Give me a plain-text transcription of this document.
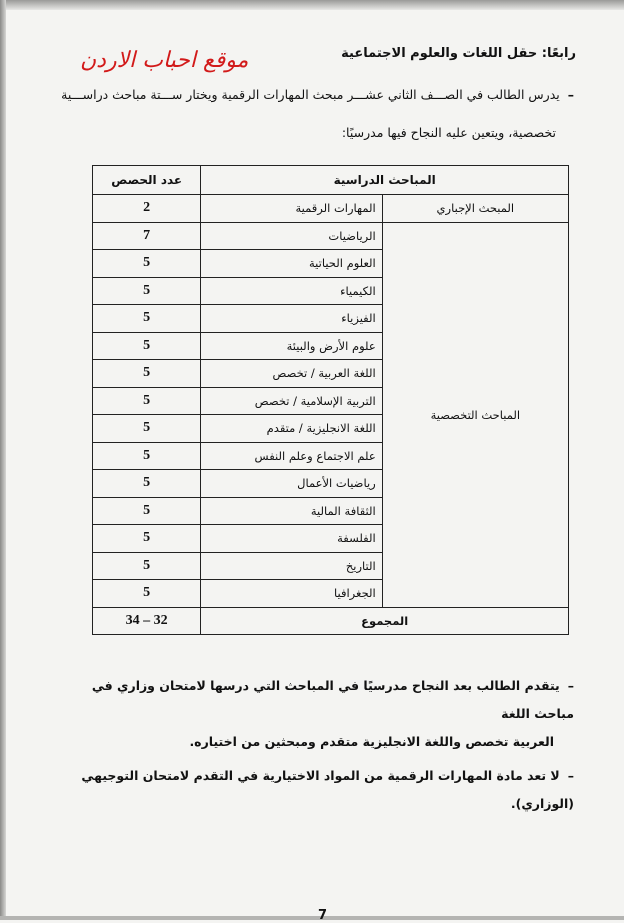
موقع احباب الاردن	رابعًا: حقل اللغات والعلوم الاجتماعية
–يدرس الطالب في الصـــف الثاني عشـــر مبحث المهارات الرقمية ويختار ســـتة مباحث دراســـية
تخصصية، ويتعين عليه النجاح فيها مدرسيًا:
المباحث الدراسية		عدد الحصص
المبحث الإجباري	المهارات الرقمية	2
المباحث التخصصية	الرياضيات	7
	العلوم الحياتية	5
	الكيمياء	5
	الفيزياء	5
	علوم الأرض والبيئة	5
	اللغة العربية / تخصص	5
	التربية الإسلامية / تخصص	5
	اللغة الانجليزية / متقدم	5
	علم الاجتماع وعلم النفس	5
	رياضيات الأعمال	5
	الثقافة المالية	5
	الفلسفة	5
	التاريخ	5
	الجغرافيا	5
المجموع		32 – 34

–يتقدم الطالب بعد النجاح مدرسيًا في المباحث التي درسها لامتحان وزاري في مباحث اللغة

العربية تخصص واللغة الانجليزية متقدم ومبحثين من اختياره.

–لا تعد مادة المهارات الرقمية من المواد الاختيارية في التقدم لامتحان التوجيهي (الوزاري).

7
